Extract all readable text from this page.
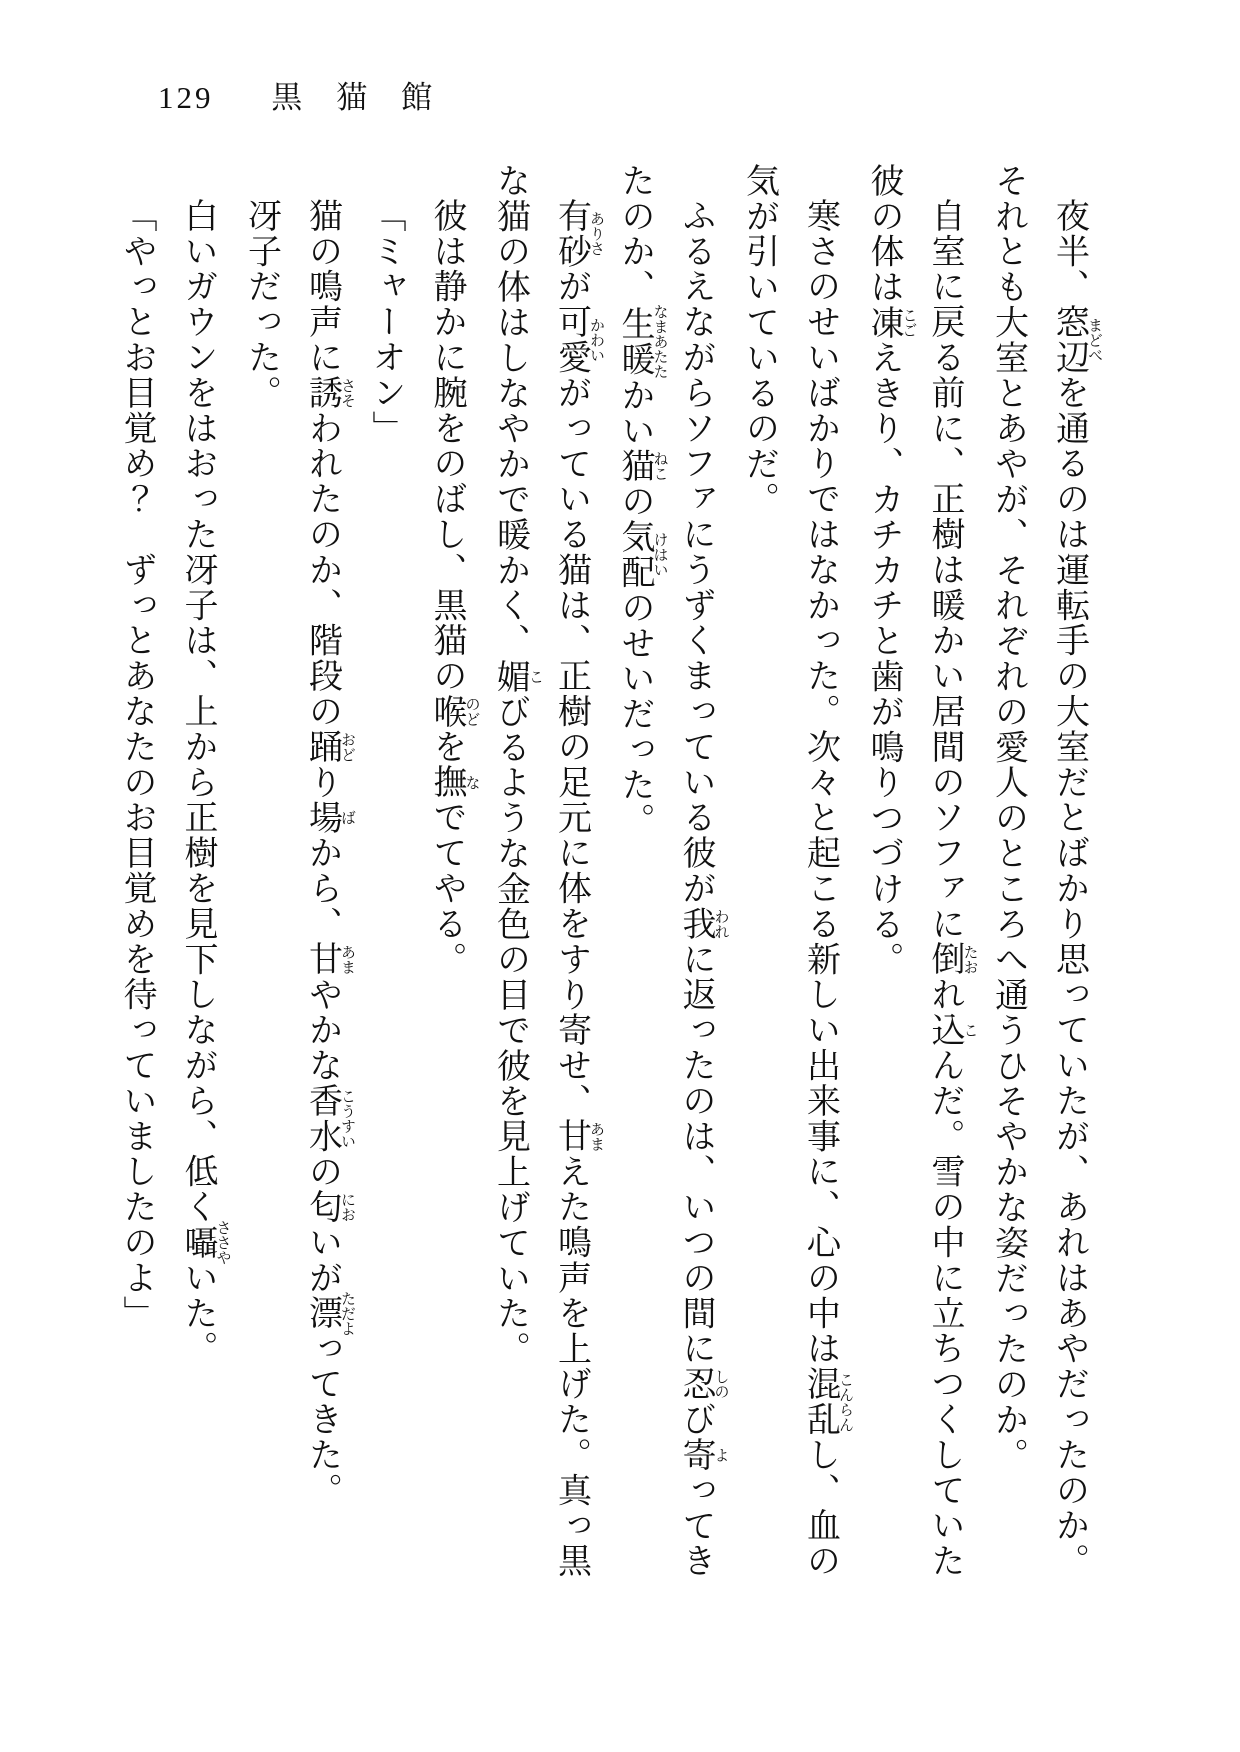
129 黒猫館

夜半、窓辺まどべを通るのは運転手の大室だとばかり思っていたが、あれはあやだったのか。それとも大室とあやが、それぞれの愛人のところへ通うひそやかな姿だったのか。

自室に戻る前に、正樹は暖かい居間のソファに倒たおれ込こんだ。雪の中に立ちつくしていた彼の体は凍こごえきり、カチカチと歯が鳴りつづける。

寒さのせいばかりではなかった。次々と起こる新しい出来事に、心の中は混乱こんらんし、血の気が引いているのだ。

ふるえながらソファにうずくまっている彼が我われに返ったのは、いつの間に忍しのび寄よってきたのか、生暖なまあたたかい猫ねこの気配けはいのせいだった。

有砂ありさが可愛かわいがっている猫は、正樹の足元に体をすり寄せ、甘あまえた鳴声を上げた。真っ黒な猫の体はしなやかで暖かく、媚こびるような金色の目で彼を見上げていた。

彼は静かに腕をのばし、黒猫の喉のどを撫なでてやる。

「ミャーオン」

猫の鳴声に誘さそわれたのか、階段の踊おどり場ばから、甘あまやかな香水こうすいの匂においが漂ただよってきた。

冴子だった。

白いガウンをはおった冴子は、上から正樹を見下しながら、低く囁ささやいた。

「やっとお目覚め？　ずっとあなたのお目覚めを待っていましたのよ」
